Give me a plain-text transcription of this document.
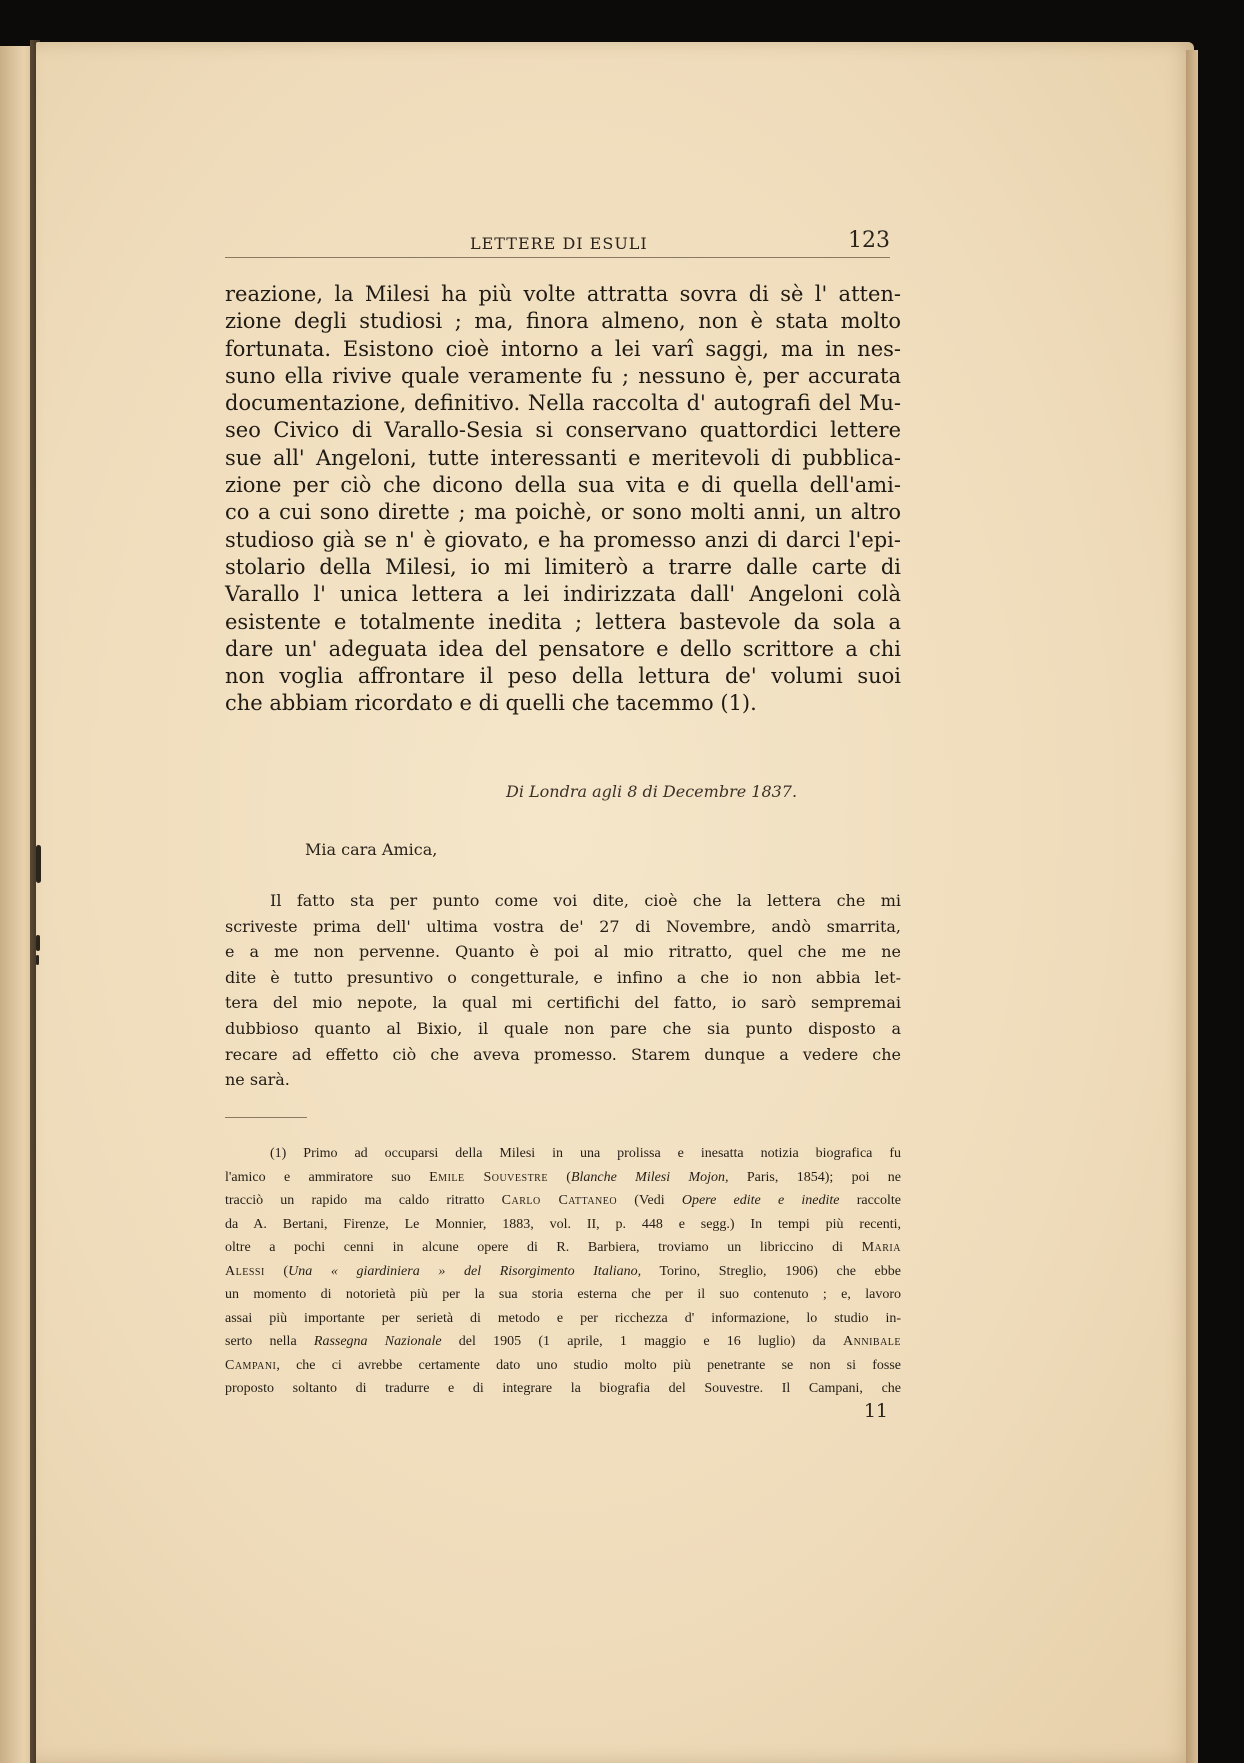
LETTERE DI ESULI	123
reazione, la Milesi ha più volte attratta sovra di sè l' atten-
zione degli studiosi ; ma, finora almeno, non è stata molto
fortunata. Esistono cioè intorno a lei varî saggi, ma in nes-
suno ella rivive quale veramente fu ; nessuno è, per accurata
documentazione, definitivo. Nella raccolta d' autografi del Mu-
seo Civico di Varallo-Sesia si conservano quattordici lettere
sue all' Angeloni, tutte interessanti e meritevoli di pubblica-
zione per ciò che dicono della sua vita e di quella dell'ami-
co a cui sono dirette ; ma poichè, or sono molti anni, un altro
studioso già se n' è giovato, e ha promesso anzi di darci l'epi-
stolario della Milesi, io mi limiterò a trarre dalle carte di
Varallo l' unica lettera a lei indirizzata dall' Angeloni colà
esistente e totalmente inedita ; lettera bastevole da sola a
dare un' adeguata idea del pensatore e dello scrittore a chi
non voglia affrontare il peso della lettura de' volumi suoi
che abbiam ricordato e di quelli che tacemmo (1).
Di Londra agli 8 di Decembre 1837.
Mia cara Amica,
Il fatto sta per punto come voi dite, cioè che la lettera che mi
scriveste prima dell' ultima vostra de' 27 di Novembre, andò smarrita,
e a me non pervenne. Quanto è poi al mio ritratto, quel che me ne
dite è tutto presuntivo o congetturale, e infino a che io non abbia let-
tera del mio nepote, la qual mi certifichi del fatto, io sarò sempremai
dubbioso quanto al Bixio, il quale non pare che sia punto disposto a
recare ad effetto ciò che aveva promesso. Starem dunque a vedere che
ne sarà.
(1) Primo ad occuparsi della Milesi in una prolissa e inesatta notizia biografica fu
l'amico e ammiratore suo Emile Souvestre (Blanche Milesi Mojon, Paris, 1854); poi ne
tracciò un rapido ma caldo ritratto Carlo Cattaneo (Vedi Opere edite e inedite raccolte
da A. Bertani, Firenze, Le Monnier, 1883, vol. II, p. 448 e segg.) In tempi più recenti,
oltre a pochi cenni in alcune opere di R. Barbiera, troviamo un libriccino di Maria
Alessi (Una « giardiniera » del Risorgimento Italiano, Torino, Streglio, 1906) che ebbe
un momento di notorietà più per la sua storia esterna che per il suo contenuto ; e, lavoro
assai più importante per serietà di metodo e per ricchezza d' informazione, lo studio in-
serto nella Rassegna Nazionale del 1905 (1 aprile, 1 maggio e 16 luglio) da Annibale
Campani, che ci avrebbe certamente dato uno studio molto più penetrante se non si fosse
proposto soltanto di tradurre e di integrare la biografia del Souvestre. Il Campani, che
11
